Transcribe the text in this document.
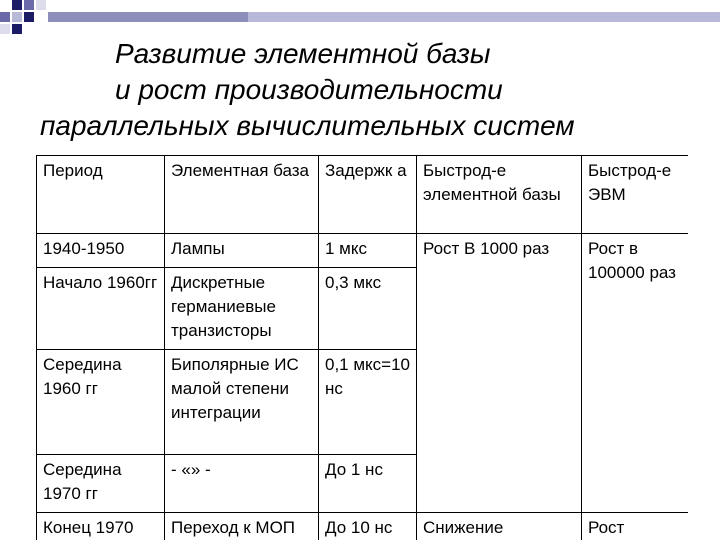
Развитие элементной базы
и рост производительности
параллельных вычислительных систем
Период	Элементная база	Задержк а	Быстрод-е элементной базы	Быстрод-е ЭВМ
1940-1950	Лампы	1 мкс	Рост В 1000 раз	Рост в 100000 раз
Начало 1960гг	Дискретные германиевые транзисторы	0,3 мкс		
Середина 1960 гг	Биполярные ИС малой степени интеграции	0,1 мкс=10 нс		
Середина 1970 гг	- «» -	До 1 нс		
Конец 1970	Переход к МОП	До 10 нс	Снижение	Рост
